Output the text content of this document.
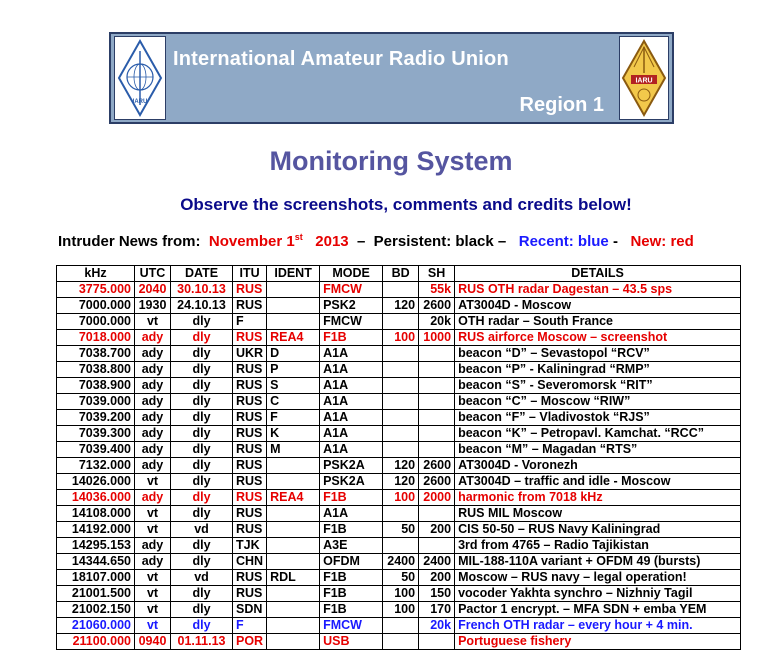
IARU
International Amateur Radio Union
Region 1
IARU
Monitoring System
Observe the screenshots, comments and credits below!
Intruder News from: November 1st 2013 – Persistent: black – Recent: blue - New: red
kHz	UTC	DATE	ITU	IDENT	MODE	BD	SH	DETAILS
3775.000	2040	30.10.13	RUS		FMCW		55k	RUS OTH radar Dagestan – 43.5 sps
7000.000	1930	24.10.13	RUS		PSK2	120	2600	AT3004D - Moscow
7000.000	vt	dly	F		FMCW		20k	OTH radar – South France
7018.000	ady	dly	RUS	REA4	F1B	100	1000	RUS airforce Moscow – screenshot
7038.700	ady	dly	UKR	D	A1A			beacon “D” – Sevastopol “RCV”
7038.800	ady	dly	RUS	P	A1A			beacon “P” - Kaliningrad “RMP”
7038.900	ady	dly	RUS	S	A1A			beacon “S” - Severomorsk “RIT”
7039.000	ady	dly	RUS	C	A1A			beacon “C” – Moscow “RIW”
7039.200	ady	dly	RUS	F	A1A			beacon “F” – Vladivostok “RJS”
7039.300	ady	dly	RUS	K	A1A			beacon “K” – Petropavl. Kamchat. “RCC”
7039.400	ady	dly	RUS	M	A1A			beacon “M” – Magadan “RTS”
7132.000	ady	dly	RUS		PSK2A	120	2600	AT3004D - Voronezh
14026.000	vt	dly	RUS		PSK2A	120	2600	AT3004D – traffic and idle - Moscow
14036.000	ady	dly	RUS	REA4	F1B	100	2000	harmonic from 7018 kHz
14108.000	vt	dly	RUS		A1A			RUS MIL Moscow
14192.000	vt	vd	RUS		F1B	50	200	CIS 50-50 – RUS Navy Kaliningrad
14295.153	ady	dly	TJK		A3E			3rd from 4765 – Radio Tajikistan
14344.650	ady	dly	CHN		OFDM	2400	2400	MIL-188-110A variant + OFDM 49 (bursts)
18107.000	vt	vd	RUS	RDL	F1B	50	200	Moscow – RUS navy – legal operation!
21001.500	vt	dly	RUS		F1B	100	150	vocoder Yakhta synchro – Nizhniy Tagil
21002.150	vt	dly	SDN		F1B	100	170	Pactor 1 encrypt. – MFA SDN + emba YEM
21060.000	vt	dly	F		FMCW		20k	French OTH radar – every hour + 4 min.
21100.000	0940	01.11.13	POR		USB			Portuguese fishery
